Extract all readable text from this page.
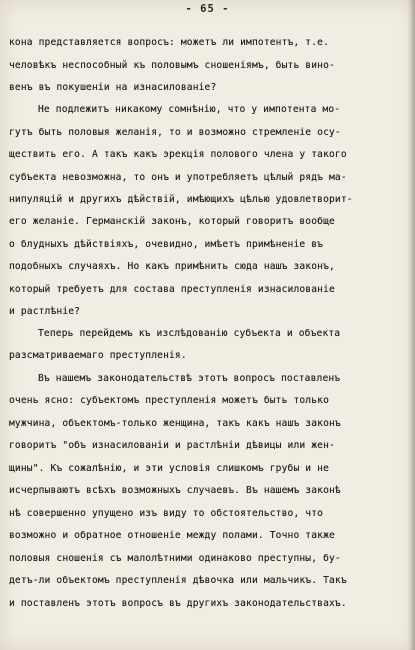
- 65 -
кона представляется вопросъ: можетъ ли импотентъ, т.е.
человѣкъ неспособный къ половымъ сношеніямъ, быть вино-
венъ въ покушеніи на изнасилованіе?
Не подлежитъ никакому сомнѣнію, что у импотента мо-
гутъ быть половыя желанія, то и возможно стремленіе осу-
ществить его. А такъ какъ эрекція полового члена у такого
субъекта невозможна, то онъ и употребляетъ цѣлый рядъ ма-
нипуляцій и другихъ дѣйствій, имѣющихъ цѣлью удовлетворит-
его желаніе. Германскій законъ, который говоритъ вообще
о блудныхъ дѣйствіяхъ, очевидно, имѣетъ примѣненіе въ
подобныхъ случаяхъ. Но какъ примѣнить сюда нашъ законъ,
который требуетъ для состава преступленія изнасилованіе
и растлѣніе?
Теперь перейдемъ къ изслѣдованію субъекта и объекта
разсматриваемаго преступленія.
Въ нашемъ законодательствѣ этотъ вопросъ поставленъ
очень ясно: субъектомъ преступленія можетъ быть только
мужчина, объектомъ-только женщина, такъ какъ нашъ законъ
говоритъ "объ изнасилованіи и растлѣніи дѣвицы или жен-
щины". Къ сожалѣнію, и эти условія слишкомъ грубы и не
исчерпываютъ всѣхъ возможныхъ случаевъ. Въ нашемъ законѣ
нѣ совершенно упущено изъ виду то обстоятельство, что
возможно и обратное отношеніе между полами. Точно также
половыя сношенія съ малолѣтними одинаково преступны, бу-
детъ-ли объектомъ преступленія дѣвочка или мальчикъ. Такъ
и поставленъ этотъ вопросъ въ другихъ законодательствахъ.
